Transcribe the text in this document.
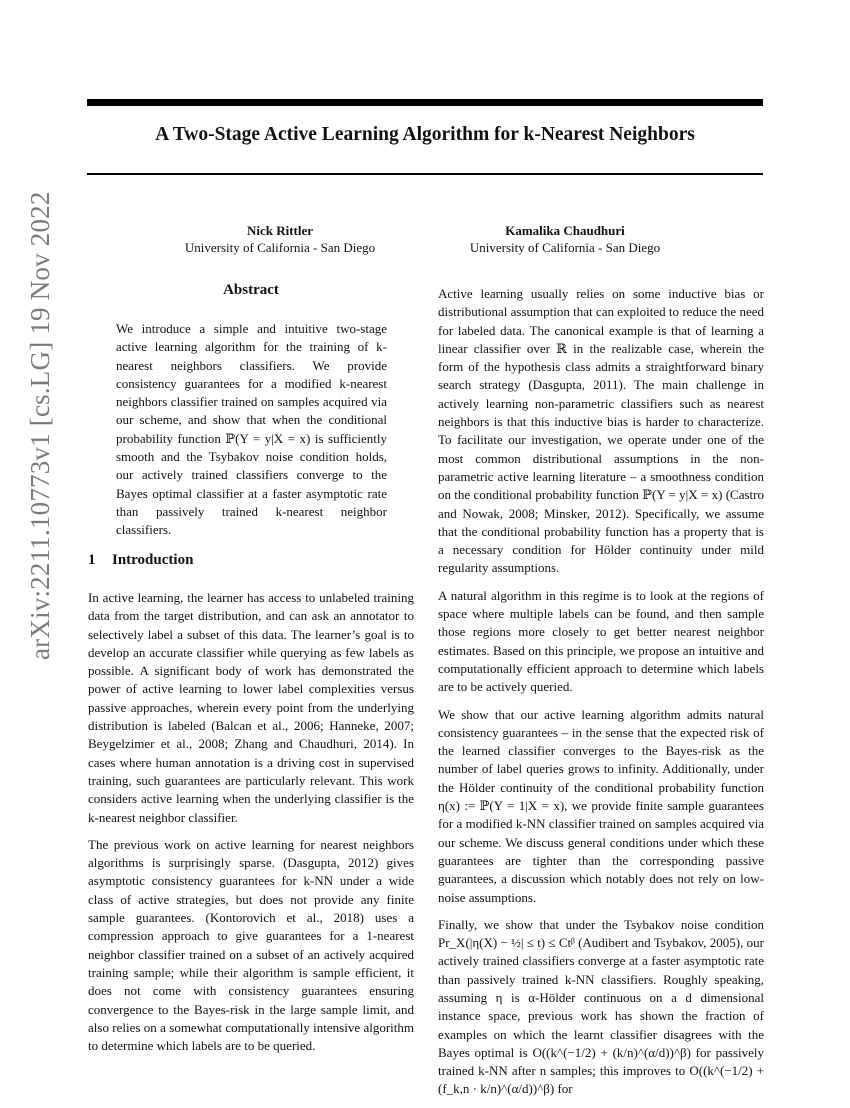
A Two-Stage Active Learning Algorithm for k-Nearest Neighbors
Nick Rittler
University of California - San Diego
Kamalika Chaudhuri
University of California - San Diego
arXiv:2211.10773v1 [cs.LG] 19 Nov 2022	Abstract

We introduce a simple and intuitive two-stage active learning algorithm for the training of k-nearest neighbors classifiers. We provide consistency guarantees for a modified k-nearest neighbors classifier trained on samples acquired via our scheme, and show that when the conditional probability function ℙ(Y = y|X = x) is sufficiently smooth and the Tsybakov noise condition holds, our actively trained classifiers converge to the Bayes optimal classifier at a faster asymptotic rate than passively trained k-nearest neighbor classifiers.

1 Introduction

In active learning, the learner has access to unlabeled training data from the target distribution, and can ask an annotator to selectively label a subset of this data. The learner’s goal is to develop an accurate classifier while querying as few labels as possible. A significant body of work has demonstrated the power of active learning to lower label complexities versus passive approaches, wherein every point from the underlying distribution is labeled (Balcan et al., 2006; Hanneke, 2007; Beygelzimer et al., 2008; Zhang and Chaudhuri, 2014). In cases where human annotation is a driving cost in supervised training, such guarantees are particularly relevant. This work considers active learning when the underlying classifier is the k-nearest neighbor classifier.

The previous work on active learning for nearest neighbors algorithms is surprisingly sparse. (Dasgupta, 2012) gives asymptotic consistency guarantees for k-NN under a wide class of active strategies, but does not provide any finite sample guarantees. (Kontorovich et al., 2018) uses a compression approach to give guarantees for a 1-nearest neighbor classifier trained on a subset of an actively acquired training sample; while their algorithm is sample efficient, it does not come with consistency guarantees ensuring convergence to the Bayes-risk in the large sample limit, and also relies on a somewhat computationally intensive algorithm to determine which labels are to be queried.

Active learning usually relies on some inductive bias or distributional assumption that can exploited to reduce the need for labeled data. The canonical example is that of learning a linear classifier over ℝ in the realizable case, wherein the form of the hypothesis class admits a straightforward binary search strategy (Dasgupta, 2011). The main challenge in actively learning non-parametric classifiers such as nearest neighbors is that this inductive bias is harder to characterize. To facilitate our investigation, we operate under one of the most common distributional assumptions in the non-parametric active learning literature – a smoothness condition on the conditional probability function ℙ(Y = y|X = x) (Castro and Nowak, 2008; Minsker, 2012). Specifically, we assume that the conditional probability function has a property that is a necessary condition for Hölder continuity under mild regularity assumptions.

A natural algorithm in this regime is to look at the regions of space where multiple labels can be found, and then sample those regions more closely to get better nearest neighbor estimates. Based on this principle, we propose an intuitive and computationally efficient approach to determine which labels are to be actively queried.

We show that our active learning algorithm admits natural consistency guarantees – in the sense that the expected risk of the learned classifier converges to the Bayes-risk as the number of label queries grows to infinity. Additionally, under the Hölder continuity of the conditional probability function η(x) := ℙ(Y = 1|X = x), we provide finite sample guarantees for a modified k-NN classifier trained on samples acquired via our scheme. We discuss general conditions under which these guarantees are tighter than the corresponding passive guarantees, a discussion which notably does not rely on low-noise assumptions.

Finally, we show that under the Tsybakov noise condition Pr_X(|η(X) − ½| ≤ t) ≤ Ctᵝ (Audibert and Tsybakov, 2005), our actively trained classifiers converge at a faster asymptotic rate than passively trained k-NN classifiers. Roughly speaking, assuming η is α-Hölder continuous on a d dimensional instance space, previous work has shown the fraction of examples on which the learnt classifier disagrees with the Bayes optimal is O((k^(−1/2) + (k/n)^(α/d))^β) for passively trained k-NN after n samples; this improves to O((k^(−1/2) + (f_k,n · k/n)^(α/d))^β) for
